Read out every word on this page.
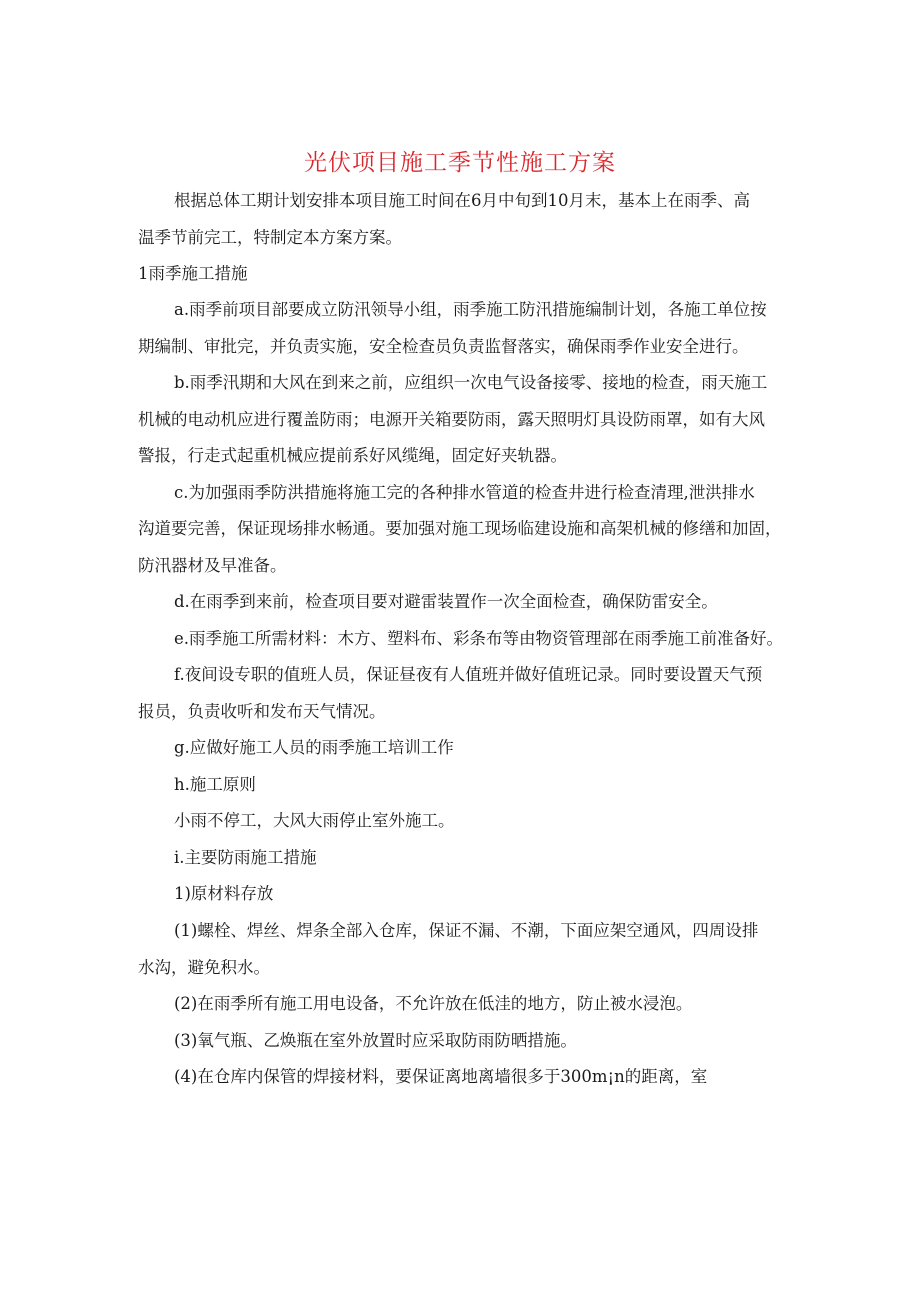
光伏项目施工季节性施工方案
根据总体工期计划安排本项目施工时间在6月中旬到10月末，基本上在雨季、高
温季节前完工，特制定本方案方案。
1雨季施工措施
a.雨季前项目部要成立防汛领导小组，雨季施工防汛措施编制计划，各施工单位按
期编制、审批完，并负责实施，安全检查员负责监督落实，确保雨季作业安全进行。
b.雨季汛期和大风在到来之前，应组织一次电气设备接零、接地的检查，雨天施工
机械的电动机应进行覆盖防雨；电源开关箱要防雨，露天照明灯具设防雨罩，如有大风
警报，行走式起重机械应提前系好风缆绳，固定好夹轨器。
c.为加强雨季防洪措施将施工完的各种排水管道的检查井进行检查清理,泄洪排水
沟道要完善，保证现场排水畅通。要加强对施工现场临建设施和高架机械的修缮和加固，
防汛器材及早准备。
d.在雨季到来前，检查项目要对避雷装置作一次全面检查，确保防雷安全。
e.雨季施工所需材料：木方、塑料布、彩条布等由物资管理部在雨季施工前准备好。
f.夜间设专职的值班人员，保证昼夜有人值班并做好值班记录。同时要设置天气预
报员，负责收听和发布天气情况。
g.应做好施工人员的雨季施工培训工作
h.施工原则
小雨不停工，大风大雨停止室外施工。
i.主要防雨施工措施
1)原材料存放
(1)螺栓、焊丝、焊条全部入仓库，保证不漏、不潮，下面应架空通风，四周设排
水沟，避免积水。
(2)在雨季所有施工用电设备，不允许放在低洼的地方，防止被水浸泡。
(3)氧气瓶、乙焕瓶在室外放置时应采取防雨防晒措施。
(4)在仓库内保管的焊接材料，要保证离地离墙很多于300m¡n的距离，室
